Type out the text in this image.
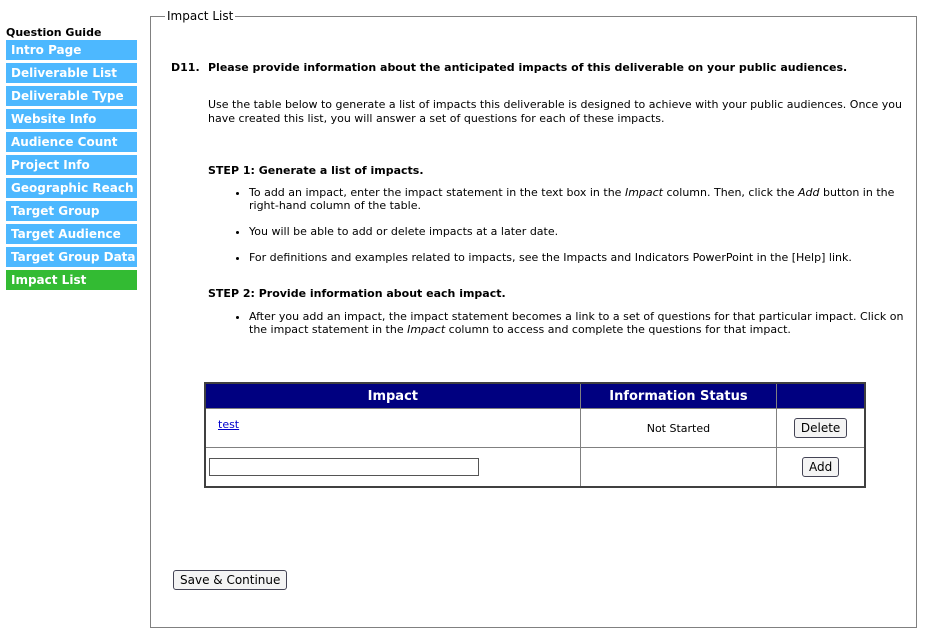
Question Guide
Intro Page
Deliverable List
Deliverable Type
Website Info
Audience Count
Project Info
Geographic Reach
Target Group
Target Audience
Target Group Data
Impact List
Impact List
D11. Please provide information about the anticipated impacts of this deliverable on your public audiences.
Use the table below to generate a list of impacts this deliverable is designed to achieve with your public audiences. Once you have created this list, you will answer a set of questions for each of these impacts.
STEP 1: Generate a list of impacts.
• To add an impact, enter the impact statement in the text box in the Impact column. Then, click the Add button in the right-hand column of the table.
• You will be able to add or delete impacts at a later date.
• For definitions and examples related to impacts, see the Impacts and Indicators PowerPoint in the [Help] link.
STEP 2: Provide information about each impact.
• After you add an impact, the impact statement becomes a link to a set of questions for that particular impact. Click on the impact statement in the Impact column to access and complete the questions for that impact.
Impact	Information Status	
test	Not Started	Delete
		Add
Save & Continue
